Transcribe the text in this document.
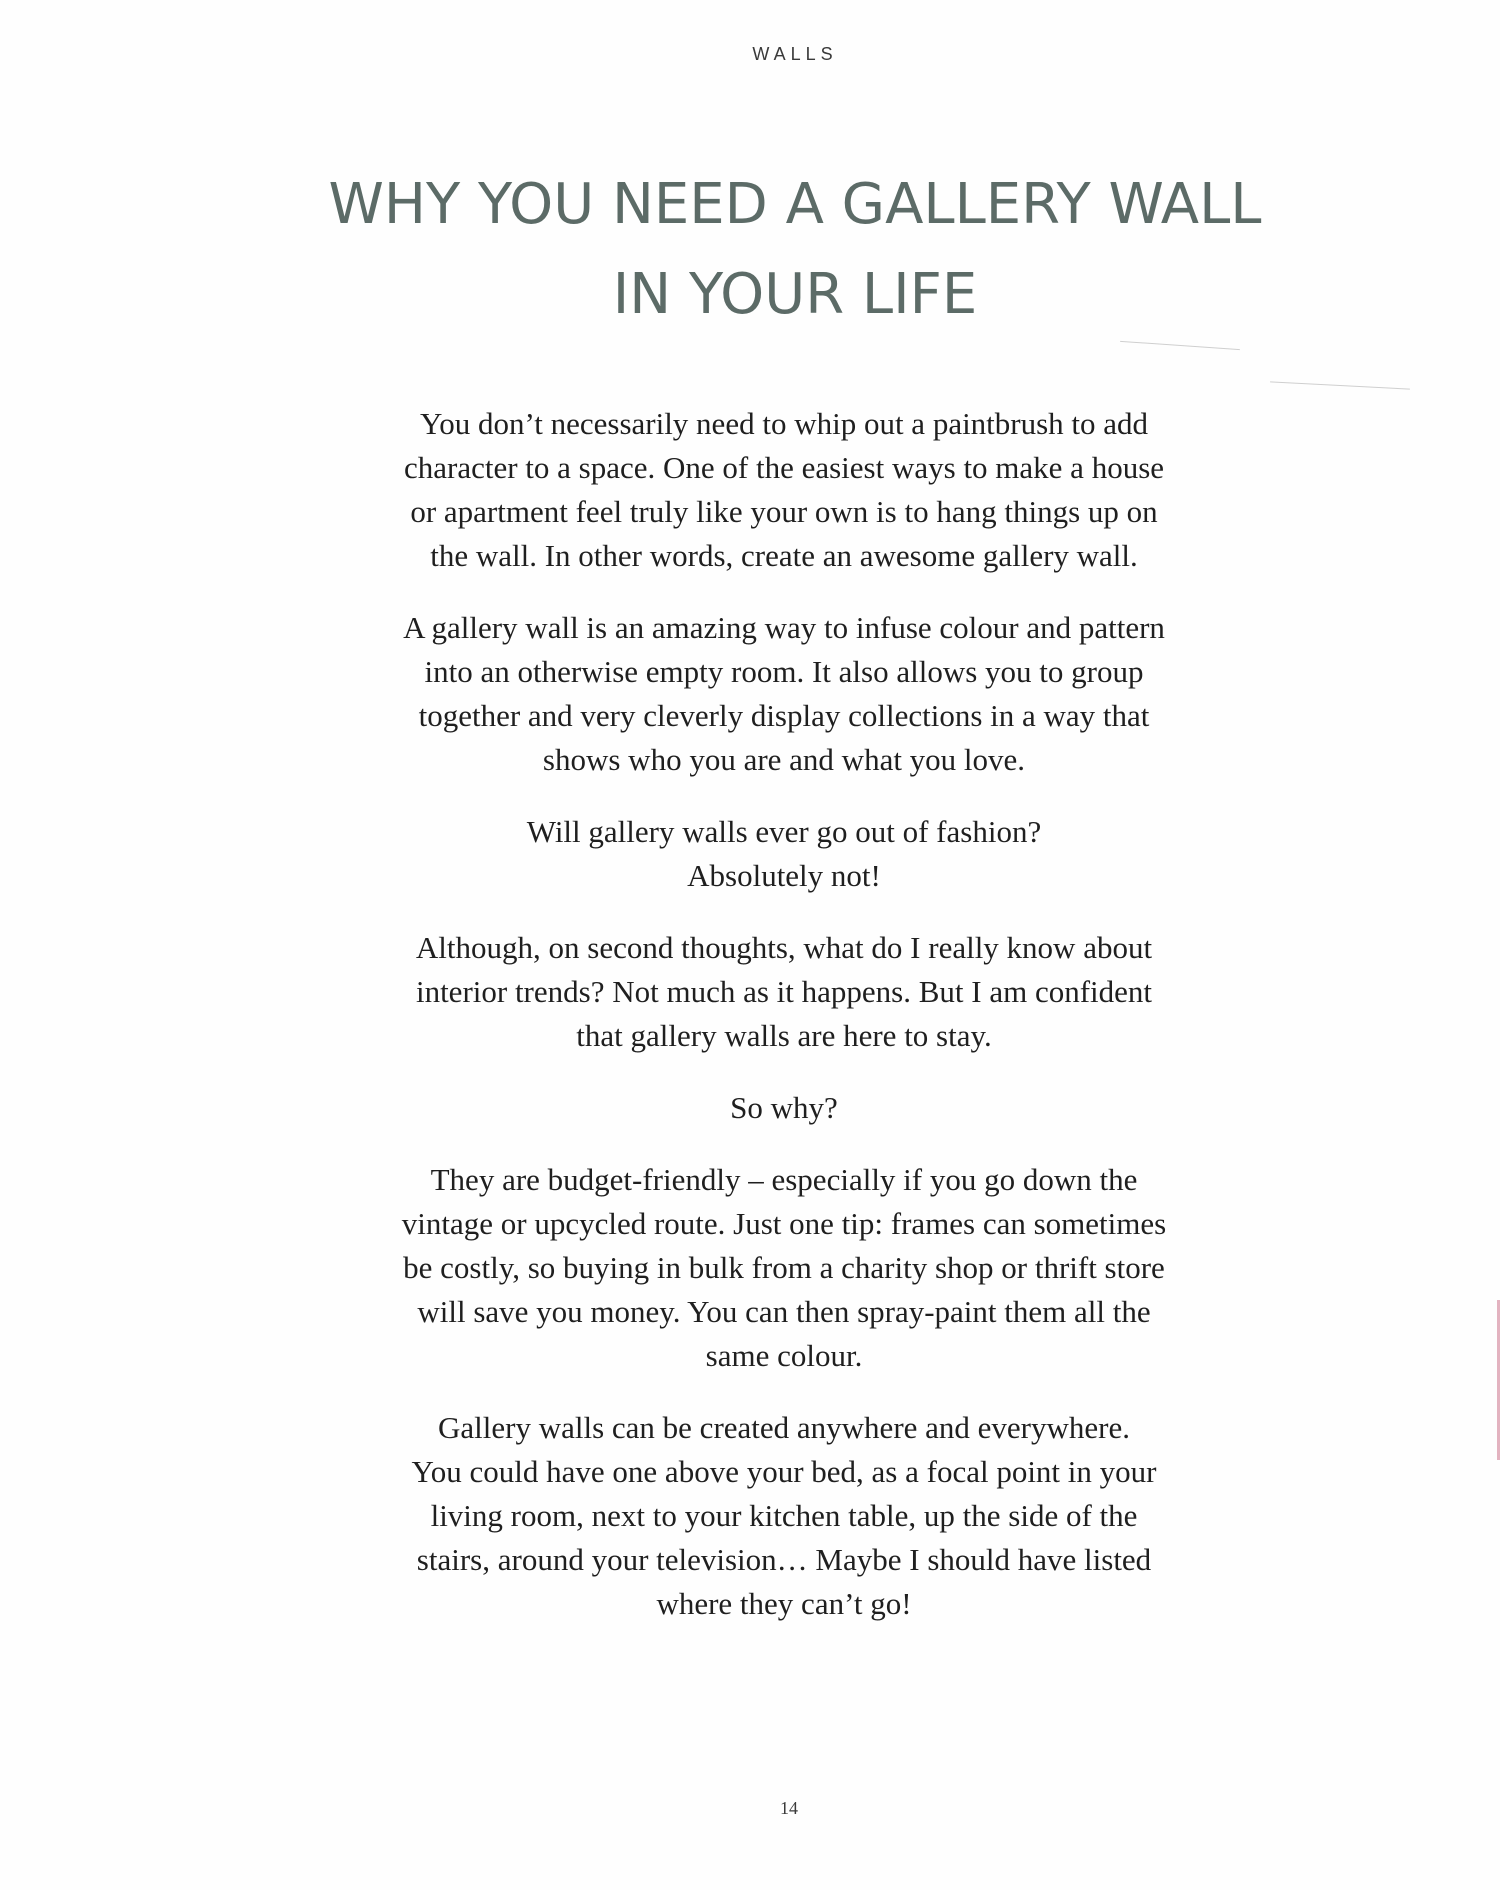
WALLS
WHY YOU NEED A GALLERY WALL
IN YOUR LIFE

You don’t necessarily need to whip out a paintbrush to add
character to a space. One of the easiest ways to make a house
or apartment feel truly like your own is to hang things up on
the wall. In other words, create an awesome gallery wall.

A gallery wall is an amazing way to infuse colour and pattern
into an otherwise empty room. It also allows you to group
together and very cleverly display collections in a way that
shows who you are and what you love.

Will gallery walls ever go out of fashion?
Absolutely not!

Although, on second thoughts, what do I really know about
interior trends? Not much as it happens. But I am confident
that gallery walls are here to stay.

So why?

They are budget-friendly – especially if you go down the
vintage or upcycled route. Just one tip: frames can sometimes
be costly, so buying in bulk from a charity shop or thrift store
will save you money. You can then spray-paint them all the
same colour.

Gallery walls can be created anywhere and everywhere.
You could have one above your bed, as a focal point in your
living room, next to your kitchen table, up the side of the
stairs, around your television… Maybe I should have listed
where they can’t go!

14
